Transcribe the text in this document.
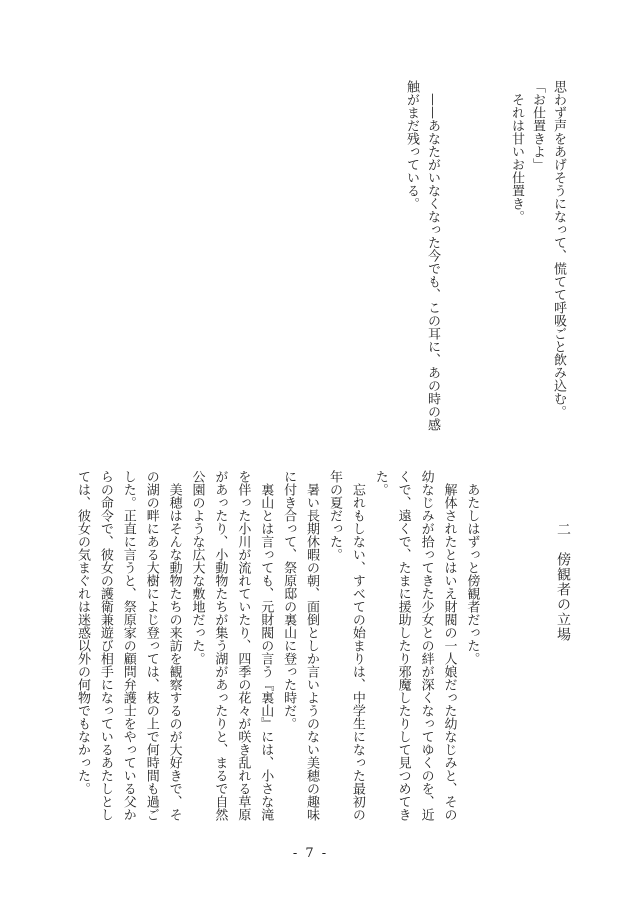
思わず声をあげそうになって、慌てて呼吸ごと飲み込む。
「お仕置きよ」
　それは甘いお仕置き。

　——あなたがいなくなった今でも、この耳に、あの時の感
触がまだ残っている。
二　傍観者の立場

　あたしはずっと傍観者だった。
　解体されたとはいえ財閥の一人娘だった幼なじみと、その
幼なじみが拾ってきた少女との絆が深くなってゆくのを、近
くで、遠くで、たまに援助したり邪魔したりして見つめてき
た。
　忘れもしない、すべての始まりは、中学生になった最初の
年の夏だった。
　暑い長期休暇の朝、面倒としか言いようのない美穂の趣味
に付き合って、祭原邸の裏山に登った時だ。
　裏山とは言っても、元財閥の言う『裏山』には、小さな滝
を伴った小川が流れていたり、四季の花々が咲き乱れる草原
があったり、小動物たちが集う湖があったりと、まるで自然
公園のような広大な敷地だった。
　美穂はそんな動物たちの来訪を観察するのが大好きで、そ
の湖の畔にある大樹によじ登っては、枝の上で何時間も過ご
した。正直に言うと、祭原家の顧問弁護士をやっている父か
らの命令で、彼女の護衛兼遊び相手になっているあたしとし
ては、彼女の気まぐれは迷惑以外の何物でもなかった。
- 7 -
